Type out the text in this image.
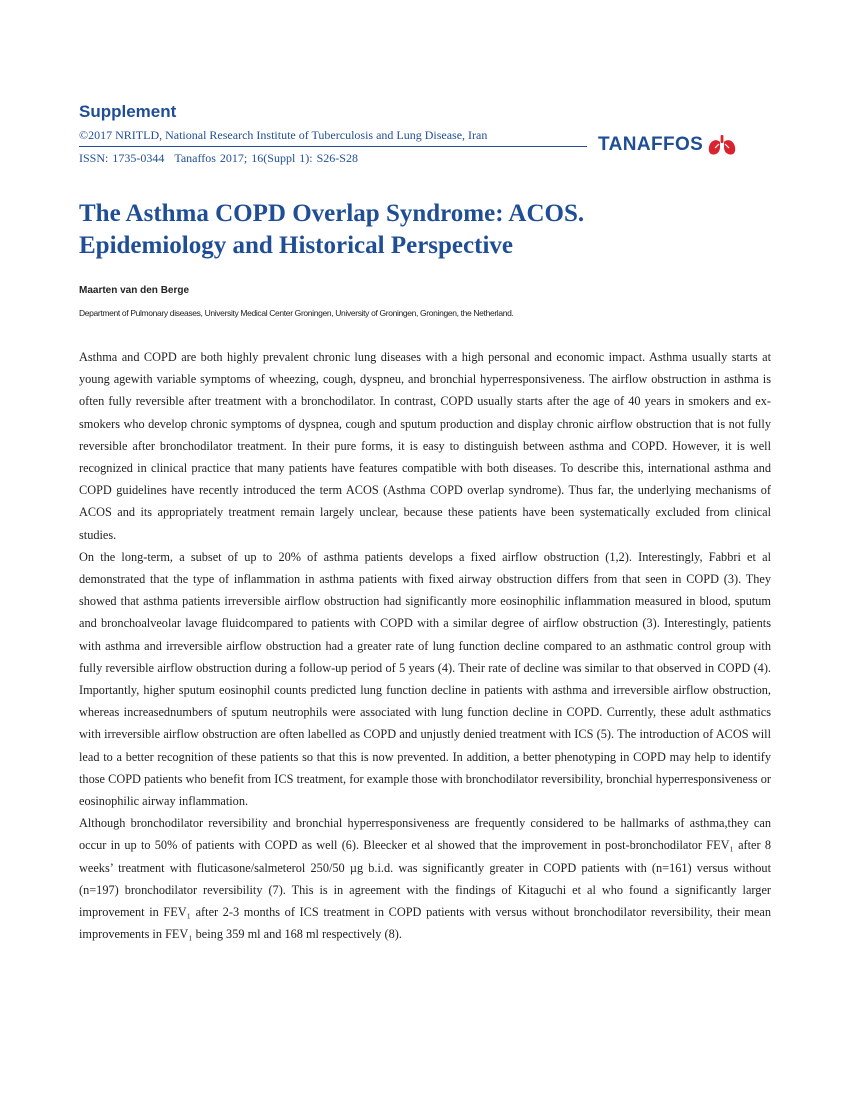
Supplement
©2017 NRITLD, National Research Institute of Tuberculosis and Lung Disease, Iran
ISSN: 1735-0344 Tanaffos 2017; 16(Suppl 1): S26-S28
TANAFFOS
The Asthma COPD Overlap Syndrome: ACOS.
Epidemiology and Historical Perspective
Maarten van den Berge
Department of Pulmonary diseases, University Medical Center Groningen, University of Groningen, Groningen, the Netherland.

Asthma and COPD are both highly prevalent chronic lung diseases with a high personal and economic impact. Asthma usually starts at young agewith variable symptoms of wheezing, cough, dyspneu, and bronchial hyperresponsiveness. The airflow obstruction in asthma is often fully reversible after treatment with a bronchodilator. In contrast, COPD usually starts after the age of 40 years in smokers and ex-smokers who develop chronic symptoms of dyspnea, cough and sputum production and display chronic airflow obstruction that is not fully reversible after bronchodilator treatment. In their pure forms, it is easy to distinguish between asthma and COPD. However, it is well recognized in clinical practice that many patients have features compatible with both diseases. To describe this, international asthma and COPD guidelines have recently introduced the term ACOS (Asthma COPD overlap syndrome). Thus far, the underlying mechanisms of ACOS and its appropriately treatment remain largely unclear, because these patients have been systematically excluded from clinical studies.

On the long-term, a subset of up to 20% of asthma patients develops a fixed airflow obstruction (1,2). Interestingly, Fabbri et al demonstrated that the type of inflammation in asthma patients with fixed airway obstruction differs from that seen in COPD (3). They showed that asthma patients irreversible airflow obstruction had significantly more eosinophilic inflammation measured in blood, sputum and bronchoalveolar lavage fluidcompared to patients with COPD with a similar degree of airflow obstruction (3). Interestingly, patients with asthma and irreversible airflow obstruction had a greater rate of lung function decline compared to an asthmatic control group with fully reversible airflow obstruction during a follow-up period of 5 years (4). Their rate of decline was similar to that observed in COPD (4). Importantly, higher sputum eosinophil counts predicted lung function decline in patients with asthma and irreversible airflow obstruction, whereas increasednumbers of sputum neutrophils were associated with lung function decline in COPD. Currently, these adult asthmatics with irreversible airflow obstruction are often labelled as COPD and unjustly denied treatment with ICS (5). The introduction of ACOS will lead to a better recognition of these patients so that this is now prevented. In addition, a better phenotyping in COPD may help to identify those COPD patients who benefit from ICS treatment, for example those with bronchodilator reversibility, bronchial hyperresponsiveness or eosinophilic airway inflammation.

Although bronchodilator reversibility and bronchial hyperresponsiveness are frequently considered to be hallmarks of asthma,they can occur in up to 50% of patients with COPD as well (6). Bleecker et al showed that the improvement in post-bronchodilator FEV₁ after 8 weeks’ treatment with fluticasone/salmeterol 250/50 µg b.i.d. was significantly greater in COPD patients with (n=161) versus without (n=197) bronchodilator reversibility (7). This is in agreement with the findings of Kitaguchi et al who found a significantly larger improvement in FEV₁ after 2-3 months of ICS treatment in COPD patients with versus without bronchodilator reversibility, their mean improvements in FEV₁ being 359 ml and 168 ml respectively (8).
